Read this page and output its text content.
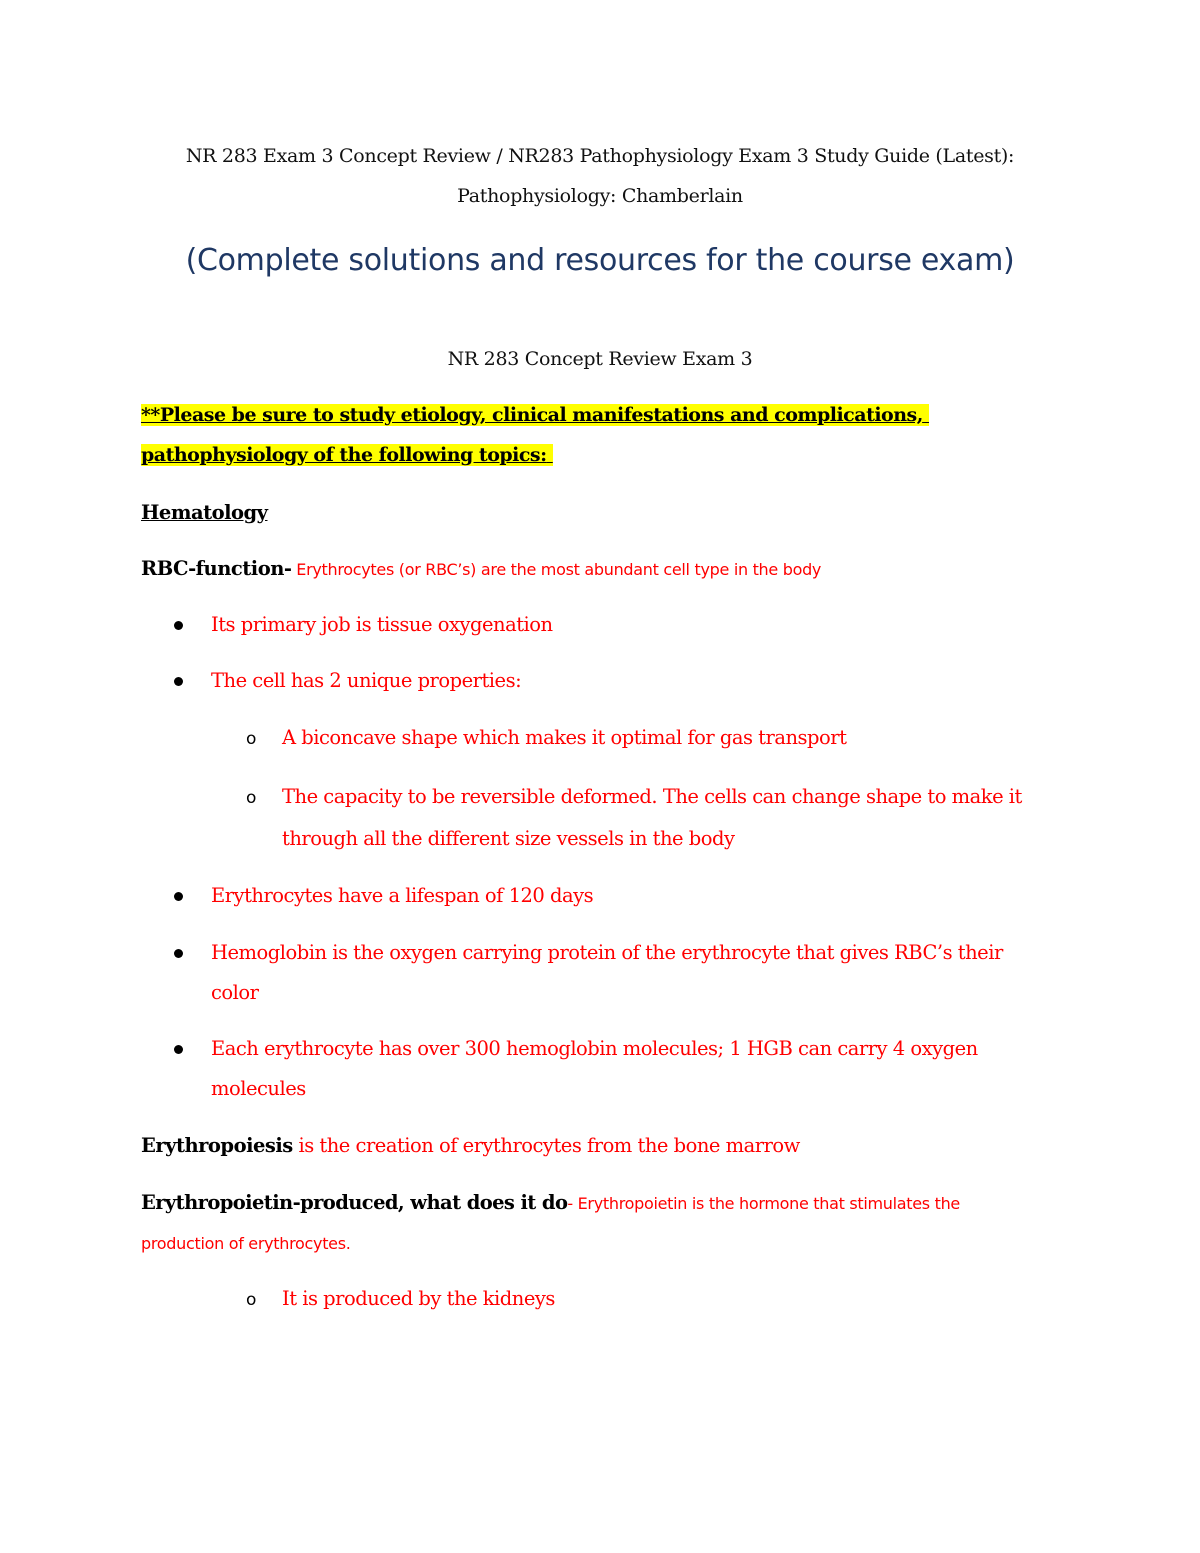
NR 283 Exam 3 Concept Review / NR283 Pathophysiology Exam 3 Study Guide (Latest):
Pathophysiology: Chamberlain
(Complete solutions and resources for the course exam)
NR 283 Concept Review Exam 3
**Please be sure to study etiology, clinical manifestations and complications,
pathophysiology of the following topics:
Hematology
RBC-function- Erythrocytes (or RBC’s) are the most abundant cell type in the body
Its primary job is tissue oxygenation
The cell has 2 unique properties:
o A biconcave shape which makes it optimal for gas transport
o The capacity to be reversible deformed. The cells can change shape to make it
through all the different size vessels in the body
Erythrocytes have a lifespan of 120 days
Hemoglobin is the oxygen carrying protein of the erythrocyte that gives RBC’s their
color
Each erythrocyte has over 300 hemoglobin molecules; 1 HGB can carry 4 oxygen
molecules
Erythropoiesis is the creation of erythrocytes from the bone marrow
Erythropoietin-produced, what does it do- Erythropoietin is the hormone that stimulates the
production of erythrocytes.
o It is produced by the kidneys
